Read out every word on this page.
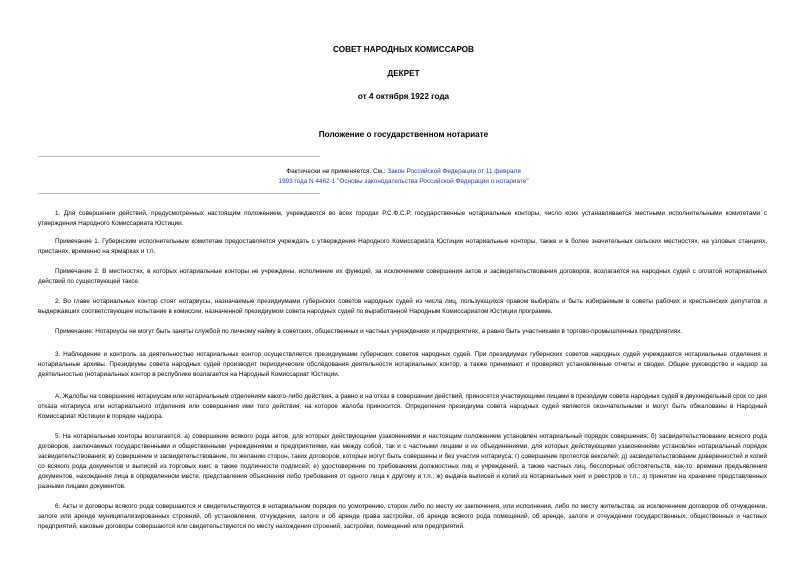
СОВЕТ НАРОДНЫХ КОМИССАРОВ
ДЕКРЕТ
от 4 октября 1922 года
Положение о государственном нотариате
Фактически не применяется. См.: Закон Российской Федерации от 11 февраля
1993 года N 4462-1 "Основы законодательства Российской Федерации о нотариате"

1. Для совершения действий, предусмотренных настоящим положением, учреждаются во всех городах Р.С.Ф.С.Р. государственные нотариальные конторы, число коих устанавливается местными исполнительными комитетами с утверждения Народного Комиссариата Юстиции.

Примечание 1. Губернским исполнительным комитетам предоставляется учреждать с утверждения Народного Комиссариата Юстиции нотариальные конторы, также и в более значительных сельских местностях, на узловых станциях, пристанях, временно на ярмарках и т.п.

Примечание 2. В местностях, в которых нотариальные конторы не учреждены, исполнение их функций, за исключением совершения актов и засвидетельствования договоров, возлагается на народных судей с оплатой нотариальных действий по существующей таксе.

2. Во главе нотариальных контор стоят нотариусы, назначаемые президиумами губернских советов народных судей из числа лиц, пользующихся правом выбирать и быть избираемым в советы рабочих и крестьянских депутатов и выдержавших соответствующее испытание в комиссии, назначенной президиумом совета народных судей по выработанной Народным Комиссариатом Юстиции программе.

Примечание: Нотариусы не могут быть заняты службой по личному найму в советских, общественных и частных учреждениях и предприятиях, а равно быть участниками в торгово-промышленных предприятиях.

3. Наблюдение и контроль за деятельностью нотариальных контор осуществляется президиумами губернских советов народных судей. При президиумах губернских советов народных судей учреждаются нотариальные отделения и нотариальные архивы. Президиумы совета народных судей производят периодические обследования деятельности нотариальных контор, а также принимают и проверяют установленные отчеты и сводки. Общее руководство и надзор за деятельностью (нотариальных контор в республике возлагается на Народный Комиссариат Юстиции.

А. Жалобы на совершение нотариусам или нотариальным отделениям какого-либо действия, а равно и на отказ в совершении действий, приносятся участвующими лицами в президиум совета народных судей в двухнедельный срок со дня отказа нотариуса или нотариального отделения или совершения ими того действия, на которое жалоба приносится. Определения президиума совета народных судей являются окончательными и могут быть обжалованы в Народный Комиссариат Юстиции в порядке надзора.

5. На нотариальные конторы возлагается: а) совершение всякого рода актов, для которых действующими узаконениями и настоящим положением установлен нотариальный порядок совершения; б) засвидетельствование всякого рода договоров, заключаемых государственными и общественными учреждениями и предприятиями, как между собой, так и с частными лицами и их объединениями, для которых действующими узаконениями установлен нотариальный порядок засвидетельствования; в) совершение и засвидетельствование, по желанию сторон, таких договоров, которые могут быть совершены и без участия нотариуса; г) совершение протестов векселей; д) засвидетельствование доверенностей и копий со всякого рода документов и выписей из торговых книг, а также подлинности подписей; е) удостоверение по требованиям должностных лиц и учреждений, а также частных лиц, бесспорных обстоятельств, как-то: времени предъявления документов, нахождения лица в определенном месте, представления объяснения либо требования от одного лица к другому и т.п.; ж) выдача выписей и копий из нотариальных книг и реестров и т.п.; з) принятие на хранение представленных разными лицами документов.

6. Акты и договоры всякого рода совершаются и свидетельствуются в нотариальном порядке по усмотрению, сторон либо по месту их заключения, или исполнения, либо по месту жительства, за исключением договоров об отчуждении, залоге или аренде муниципализированных строений, об установлении, отчуждении, залоге и об аренде права застройки, об аренде всякого рода помещений, об аренде, залоге и отчуждении государственных, общественных и частных предприятий, каковые договоры совершаются или свидетельствуются по месту нахождения строений, застройки, помещений или предприятий.
